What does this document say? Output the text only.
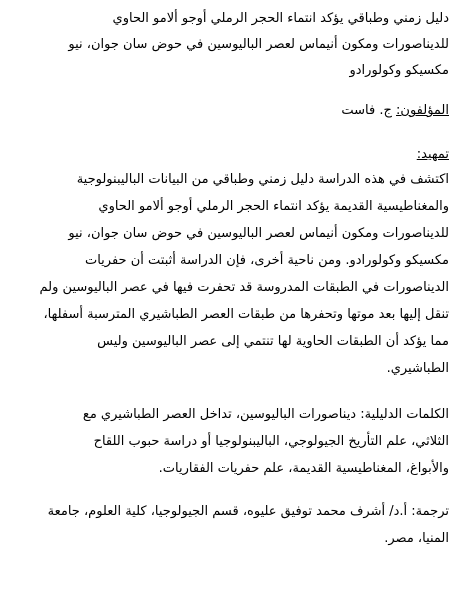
دليل زمني وطباقي يؤكد انتماء الحجر الرملي أوجو ألامو الحاوي
للديناصورات ومكون أنيماس لعصر الباليوسين في حوض سان جوان، نيو
مكسيكو وكولورادو
المؤلفون: ج. فاست
تمهيد:
اكتشف في هذه الدراسة دليل زمني وطباقي من البيانات الباليبنولوجية
والمغناطيسية القديمة يؤكد انتماء الحجر الرملي أوجو ألامو الحاوي
للديناصورات ومكون أنيماس لعصر الباليوسين في حوض سان جوان، نيو
مكسيكو وكولورادو. ومن ناحية أخرى، فإن الدراسة أثبتت أن حفريات
الديناصورات في الطبقات المدروسة قد تحفرت فيها في عصر الباليوسين ولم
تنقل إليها بعد موتها وتحفرها من طبقات العصر الطباشيري المترسبة أسفلها،
مما يؤكد أن الطبقات الحاوية لها تنتمي إلى عصر الباليوسين وليس
الطباشيري.
الكلمات الدليلية: ديناصورات الباليوسين، تداخل العصر الطباشيري مع
الثلاثي، علم التأريخ الجيولوجي، الباليبنولوجيا أو دراسة حبوب اللقاح
والأبواغ، المغناطيسية القديمة، علم حفريات الفقاريات.
ترجمة: أ.د/ أشرف محمد توفيق عليوه، قسم الجيولوجيا، كلية العلوم، جامعة
المنيا، مصر.
